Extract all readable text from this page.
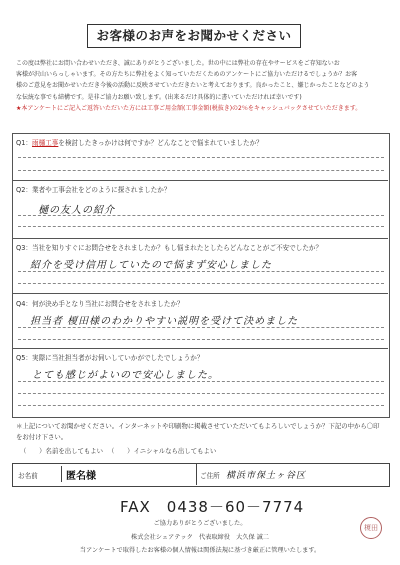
お客様のお声をお聞かせください
この度は弊社にお問い合わせいただき、誠にありがとうございました。世の中には弊社の存在やサービスをご存知ないお
客様が沢山いらっしゃいます。その方たちに弊社をよく知っていただくためのアンケートにご協力いただけるでしょうか？お客
様のご意見をお聞かせいただき今後の活動に反映させていただきたいと考えております。良かったこと、嫌じかったことなどのよう
な伝統な事でも結構です。是非ご協力お願い致します。(出来るだけ具体的に書いていただければ幸いです)
★本アンケートにご記入ご返答いただいた方には工事ご用金額(工事金額(税抜き)の2％をキャッシュバックさせていただきます。
Q1：雨樋工事を検討したきっかけは何ですか？どんなことで悩まれていましたか？
Q2：業者や工事会社をどのように探されましたか？
樋の友人の紹介
Q3：当社を知りすぐにお問合せをされましたか？もし悩まれたとしたらどんなことがご不安でしたか？
紹介を受け信用していたので悩まず安心しました
Q4：何が決め手となり当社にお問合せをされましたか？
担当者 榎田様のわかりやすい説明を受けて決めました
Q5：実際に当社担当者がお伺いしていかがでしたでしょうか？
とても感じがよいので安心しました。
＊上記についてお聞かせください。インターネットや印刷物に掲載させていただいてもよろしいでしょうか？下記の中から〇印
をお付け下さい。
（　　）名前を出してもよい （　　）イニシャルなら出してもよい
お名前	匿名様	ご住所 横浜市保土ヶ谷区
FAX　0438－60－7774
ご協力ありがとうございました。
株式会社シェアテック　代表取締役　大久保 誠二
当アンケートで取得したお客様の個人情報は関係法規に基づき厳正に管理いたします。
榎田
